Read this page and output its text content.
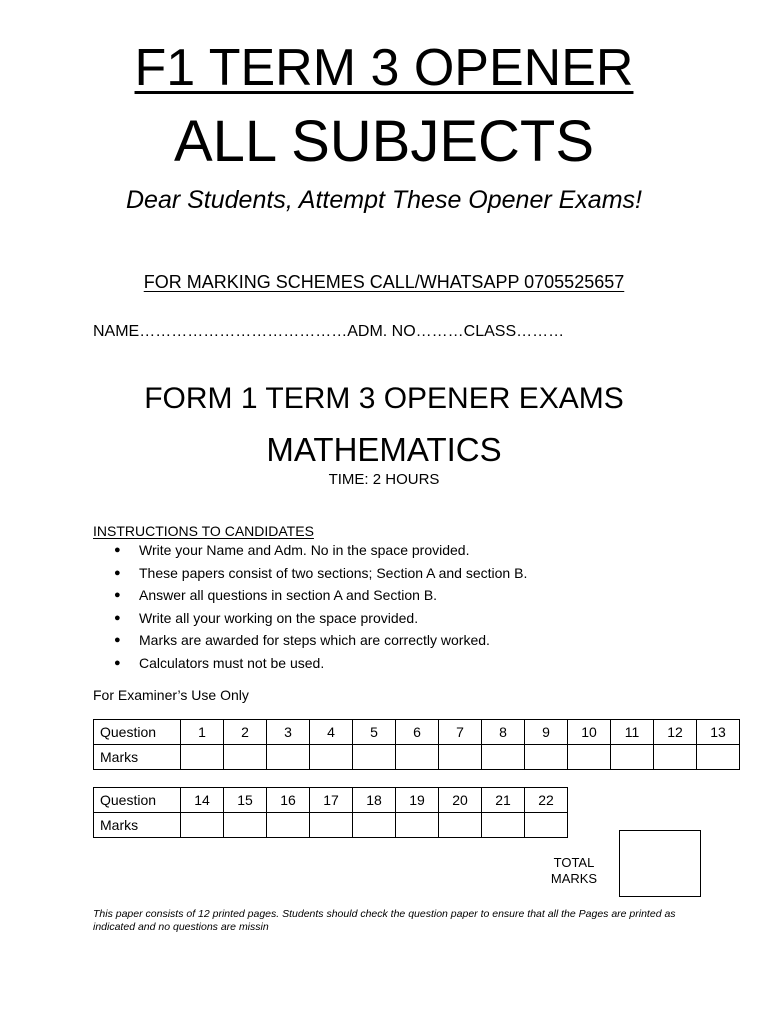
F1 TERM 3 OPENER
ALL SUBJECTS
Dear Students, Attempt These Opener Exams!
FOR MARKING SCHEMES CALL/WHATSAPP 0705525657
NAME…………………………………ADM. NO………CLASS………
FORM 1 TERM 3 OPENER EXAMS
MATHEMATICS
TIME: 2 HOURS
INSTRUCTIONS TO CANDIDATES
● Write your Name and Adm. No in the space provided.
● These papers consist of two sections; Section A and section B.
● Answer all questions in section A and Section B.
● Write all your working on the space provided.
● Marks are awarded for steps which are correctly worked.
● Calculators must not be used.
For Examiner’s Use Only
Question	1	2	3	4	5	6	7	8	9	10	11	12	13
Marks													
Question	14	15	16	17	18	19	20	21	22
Marks									
TOTAL MARKS
This paper consists of 12 printed pages. Students should check the question paper to ensure that all the Pages are printed as indicated and no questions are missin
